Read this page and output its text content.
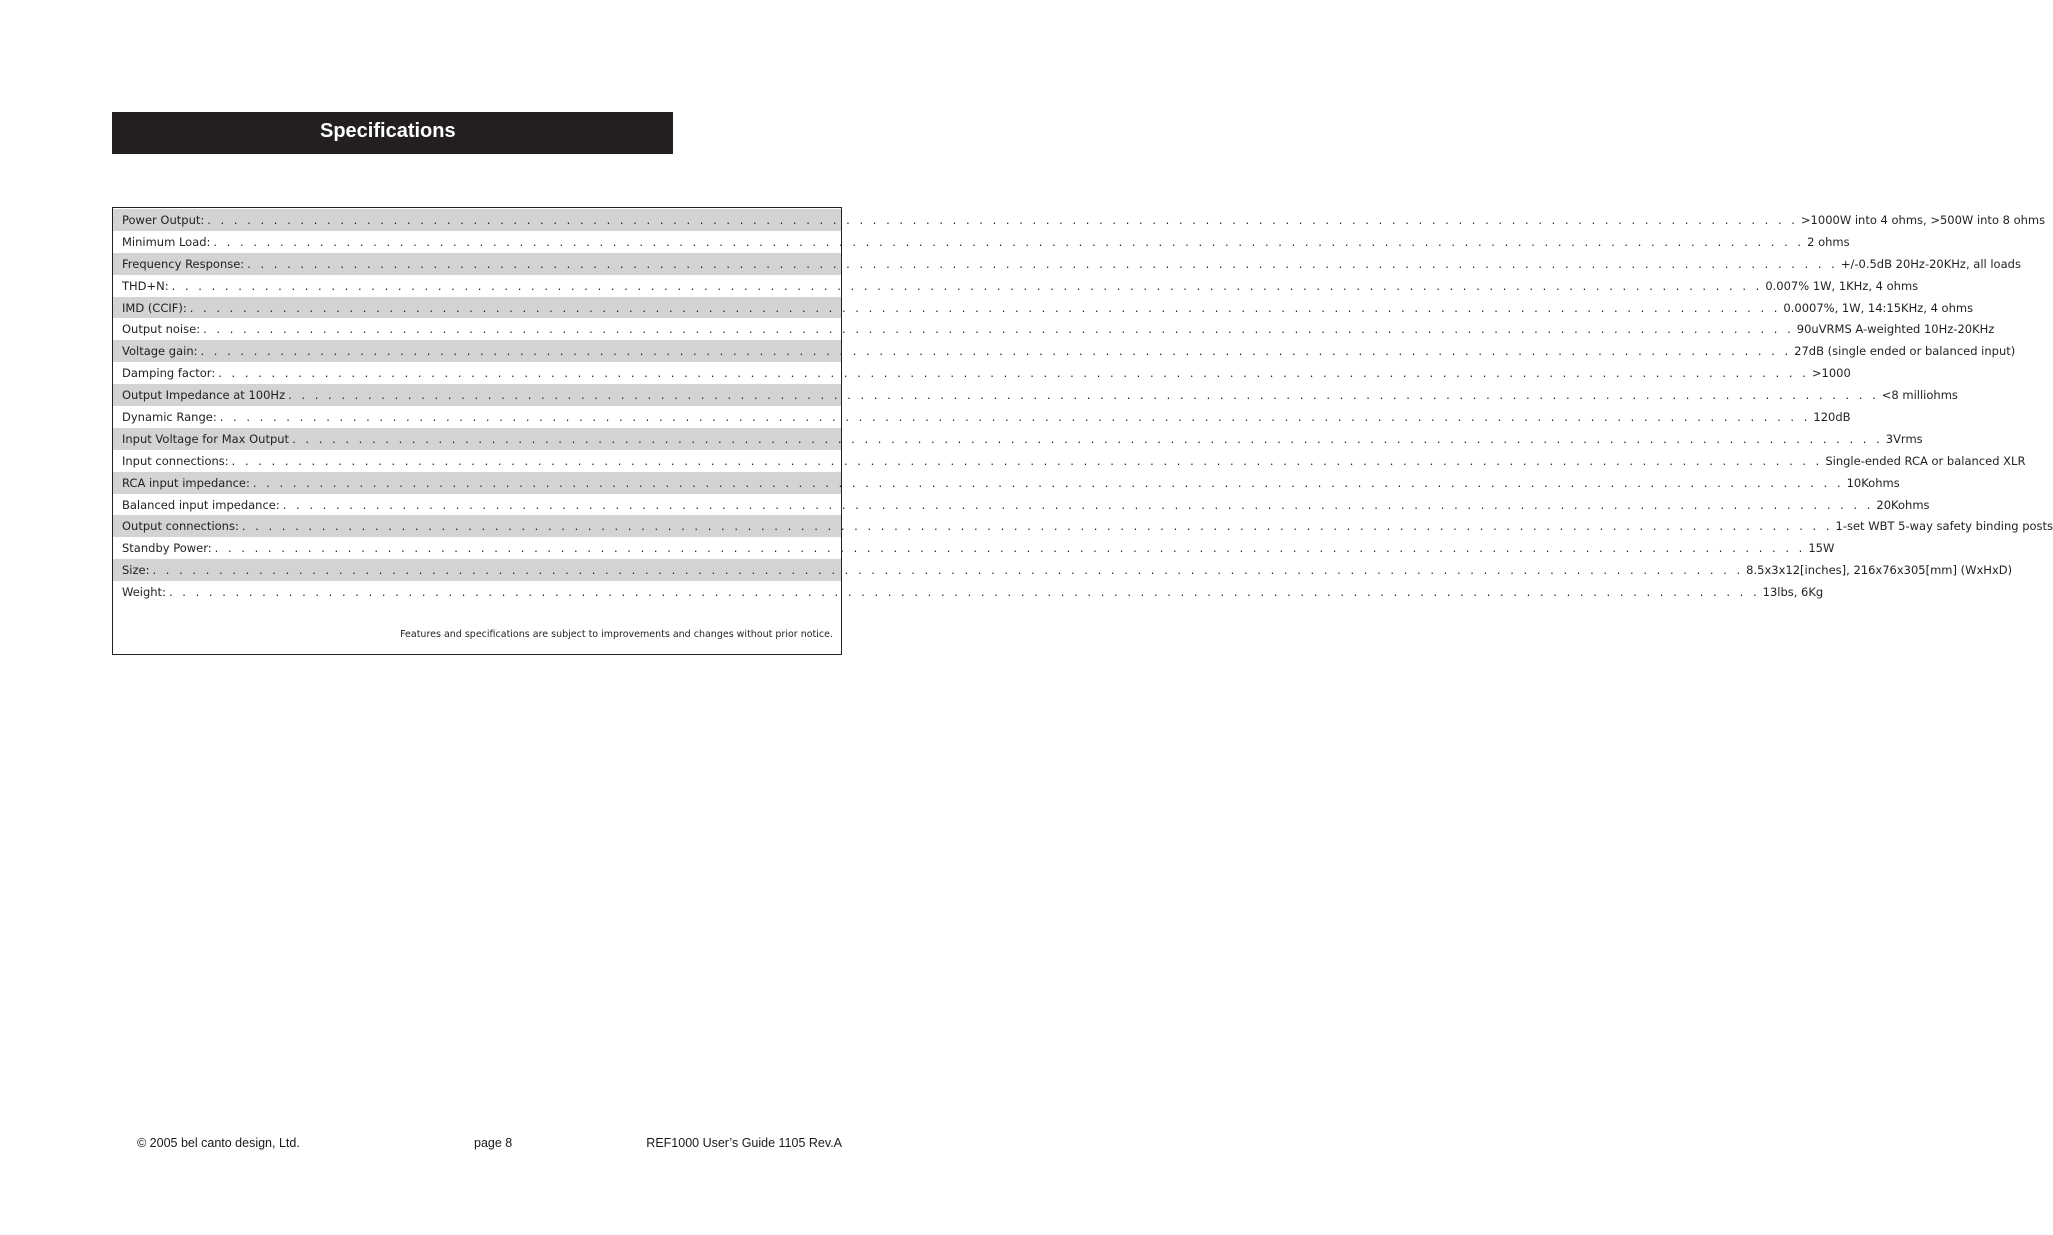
Specifications
Power Output: . . . . . . . . . . . . . . . . . . . . . . . . . . . . . . . . . . . . . . . . . . . . . . . . . . . . . . . . . . . . . . . . . . . . . . . . . . . . . . . . . . . . . . . . . . . . . . . . . . . . . . . . . . . . . . . . . . . . . . . . >1000W into 4 ohms, >500W into 8 ohms
Minimum Load: . . . . . . . . . . . . . . . . . . . . . . . . . . . . . . . . . . . . . . . . . . . . . . . . . . . . . . . . . . . . . . . . . . . . . . . . . . . . . . . . . . . . . . . . . . . . . . . . . . . . . . . . . . . . . . . . . . . . . . . . 2 ohms
Frequency Response: . . . . . . . . . . . . . . . . . . . . . . . . . . . . . . . . . . . . . . . . . . . . . . . . . . . . . . . . . . . . . . . . . . . . . . . . . . . . . . . . . . . . . . . . . . . . . . . . . . . . . . . . . . . . . . . . . . . . . . . . +/-0.5dB 20Hz-20KHz, all loads
THD+N: . . . . . . . . . . . . . . . . . . . . . . . . . . . . . . . . . . . . . . . . . . . . . . . . . . . . . . . . . . . . . . . . . . . . . . . . . . . . . . . . . . . . . . . . . . . . . . . . . . . . . . . . . . . . . . . . . . . . . . . . 0.007% 1W, 1KHz, 4 ohms
IMD (CCIF): . . . . . . . . . . . . . . . . . . . . . . . . . . . . . . . . . . . . . . . . . . . . . . . . . . . . . . . . . . . . . . . . . . . . . . . . . . . . . . . . . . . . . . . . . . . . . . . . . . . . . . . . . . . . . . . . . . . . . . . . 0.0007%, 1W, 14:15KHz, 4 ohms
Output noise: . . . . . . . . . . . . . . . . . . . . . . . . . . . . . . . . . . . . . . . . . . . . . . . . . . . . . . . . . . . . . . . . . . . . . . . . . . . . . . . . . . . . . . . . . . . . . . . . . . . . . . . . . . . . . . . . . . . . . . . . 90uVRMS A-weighted 10Hz-20KHz
Voltage gain: . . . . . . . . . . . . . . . . . . . . . . . . . . . . . . . . . . . . . . . . . . . . . . . . . . . . . . . . . . . . . . . . . . . . . . . . . . . . . . . . . . . . . . . . . . . . . . . . . . . . . . . . . . . . . . . . . . . . . . . . 27dB (single ended or balanced input)
Damping factor: . . . . . . . . . . . . . . . . . . . . . . . . . . . . . . . . . . . . . . . . . . . . . . . . . . . . . . . . . . . . . . . . . . . . . . . . . . . . . . . . . . . . . . . . . . . . . . . . . . . . . . . . . . . . . . . . . . . . . . . . >1000
Output Impedance at 100Hz . . . . . . . . . . . . . . . . . . . . . . . . . . . . . . . . . . . . . . . . . . . . . . . . . . . . . . . . . . . . . . . . . . . . . . . . . . . . . . . . . . . . . . . . . . . . . . . . . . . . . . . . . . . . . . . . . . . . . . . . <8 milliohms
Dynamic Range: . . . . . . . . . . . . . . . . . . . . . . . . . . . . . . . . . . . . . . . . . . . . . . . . . . . . . . . . . . . . . . . . . . . . . . . . . . . . . . . . . . . . . . . . . . . . . . . . . . . . . . . . . . . . . . . . . . . . . . . . 120dB
Input Voltage for Max Output . . . . . . . . . . . . . . . . . . . . . . . . . . . . . . . . . . . . . . . . . . . . . . . . . . . . . . . . . . . . . . . . . . . . . . . . . . . . . . . . . . . . . . . . . . . . . . . . . . . . . . . . . . . . . . . . . . . . . . . . 3Vrms
Input connections: . . . . . . . . . . . . . . . . . . . . . . . . . . . . . . . . . . . . . . . . . . . . . . . . . . . . . . . . . . . . . . . . . . . . . . . . . . . . . . . . . . . . . . . . . . . . . . . . . . . . . . . . . . . . . . . . . . . . . . . . Single-ended RCA or balanced XLR
RCA input impedance: . . . . . . . . . . . . . . . . . . . . . . . . . . . . . . . . . . . . . . . . . . . . . . . . . . . . . . . . . . . . . . . . . . . . . . . . . . . . . . . . . . . . . . . . . . . . . . . . . . . . . . . . . . . . . . . . . . . . . . . . 10Kohms
Balanced input impedance: . . . . . . . . . . . . . . . . . . . . . . . . . . . . . . . . . . . . . . . . . . . . . . . . . . . . . . . . . . . . . . . . . . . . . . . . . . . . . . . . . . . . . . . . . . . . . . . . . . . . . . . . . . . . . . . . . . . . . . . . 20Kohms
Output connections: . . . . . . . . . . . . . . . . . . . . . . . . . . . . . . . . . . . . . . . . . . . . . . . . . . . . . . . . . . . . . . . . . . . . . . . . . . . . . . . . . . . . . . . . . . . . . . . . . . . . . . . . . . . . . . . . . . . . . . . . 1-set WBT 5-way safety binding posts
Standby Power: . . . . . . . . . . . . . . . . . . . . . . . . . . . . . . . . . . . . . . . . . . . . . . . . . . . . . . . . . . . . . . . . . . . . . . . . . . . . . . . . . . . . . . . . . . . . . . . . . . . . . . . . . . . . . . . . . . . . . . . . 15W
Size: . . . . . . . . . . . . . . . . . . . . . . . . . . . . . . . . . . . . . . . . . . . . . . . . . . . . . . . . . . . . . . . . . . . . . . . . . . . . . . . . . . . . . . . . . . . . . . . . . . . . . . . . . . . . . . . . . . . . . . . . 8.5x3x12[inches], 216x76x305[mm] (WxHxD)
Weight: . . . . . . . . . . . . . . . . . . . . . . . . . . . . . . . . . . . . . . . . . . . . . . . . . . . . . . . . . . . . . . . . . . . . . . . . . . . . . . . . . . . . . . . . . . . . . . . . . . . . . . . . . . . . . . . . . . . . . . . . 13lbs, 6Kg
Features and specifications are subject to improvements and changes without prior notice.
© 2005 bel canto design, Ltd.	page 8	REF1000 User’s Guide 1105 Rev.A
